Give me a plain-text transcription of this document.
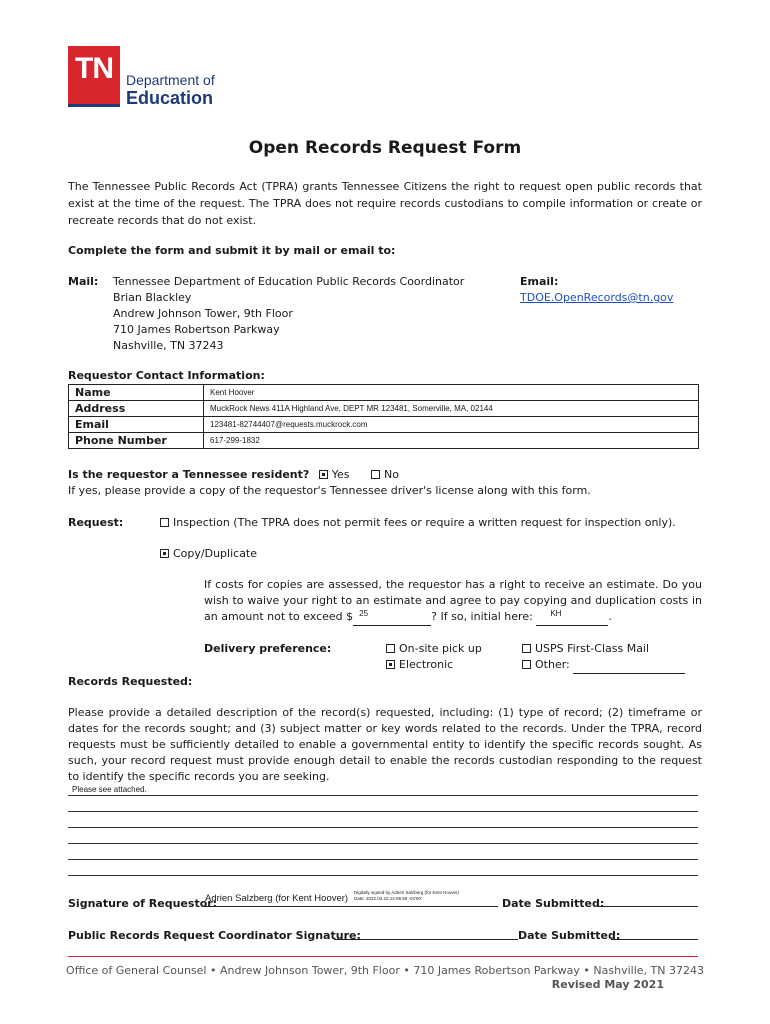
TN Department of
Education
Open Records Request Form
The Tennessee Public Records Act (TPRA) grants Tennessee Citizens the right to request open public records that exist at the time of the request. The TPRA does not require records custodians to compile information or create or recreate records that do not exist.
Complete the form and submit it by mail or email to:
Mail: Tennessee Department of Education Public Records Coordinator
Brian Blackley
Andrew Johnson Tower, 9th Floor
710 James Robertson Parkway
Nashville, TN 37243
Email:
TDOE.OpenRecords@tn.gov
Requestor Contact Information:
Name	Kent Hoover
Address	MuckRock News 411A Highland Ave, DEPT MR 123481, Somerville, MA, 02144
Email	123481-82744407@requests.muckrock.com
Phone Number	617-299-1832
Is the requestor a Tennessee resident? Yes	No
If yes, please provide a copy of the requestor's Tennessee driver's license along with this form.
Request:	Inspection (The TPRA does not permit fees or require a written request for inspection only).
Copy/Duplicate
If costs for copies are assessed, the requestor has a right to receive an estimate. Do you wish to waive your right to an estimate and agree to pay copying and duplication costs in an amount not to exceed $ 25	? If so, initial here: KH	.
Delivery preference:	On-site pick up
Electronic
USPS First-Class Mail
Other:
Records Requested:
Please provide a detailed description of the record(s) requested, including: (1) type of record; (2) timeframe or dates for the records sought; and (3) subject matter or key words related to the records. Under the TPRA, record requests must be sufficiently detailed to enable a governmental entity to identify the specific records sought. As such, your record request must provide enough detail to enable the records custodian responding to the request to identify the specific records you are seeking.
Please see attached.
Signature of Requestor:
Adrien Salzberg (for Kent Hoover)
Digitally signed by Adrien Salzberg (for Kent Hoover)
Date: 2022.03.22 12:05:59 -04'00'	Date Submitted:
Public Records Request Coordinator Signature:	Date Submitted:
Office of General Counsel • Andrew Johnson Tower, 9th Floor • 710 James Robertson Parkway • Nashville, TN 37243
Revised May 2021
